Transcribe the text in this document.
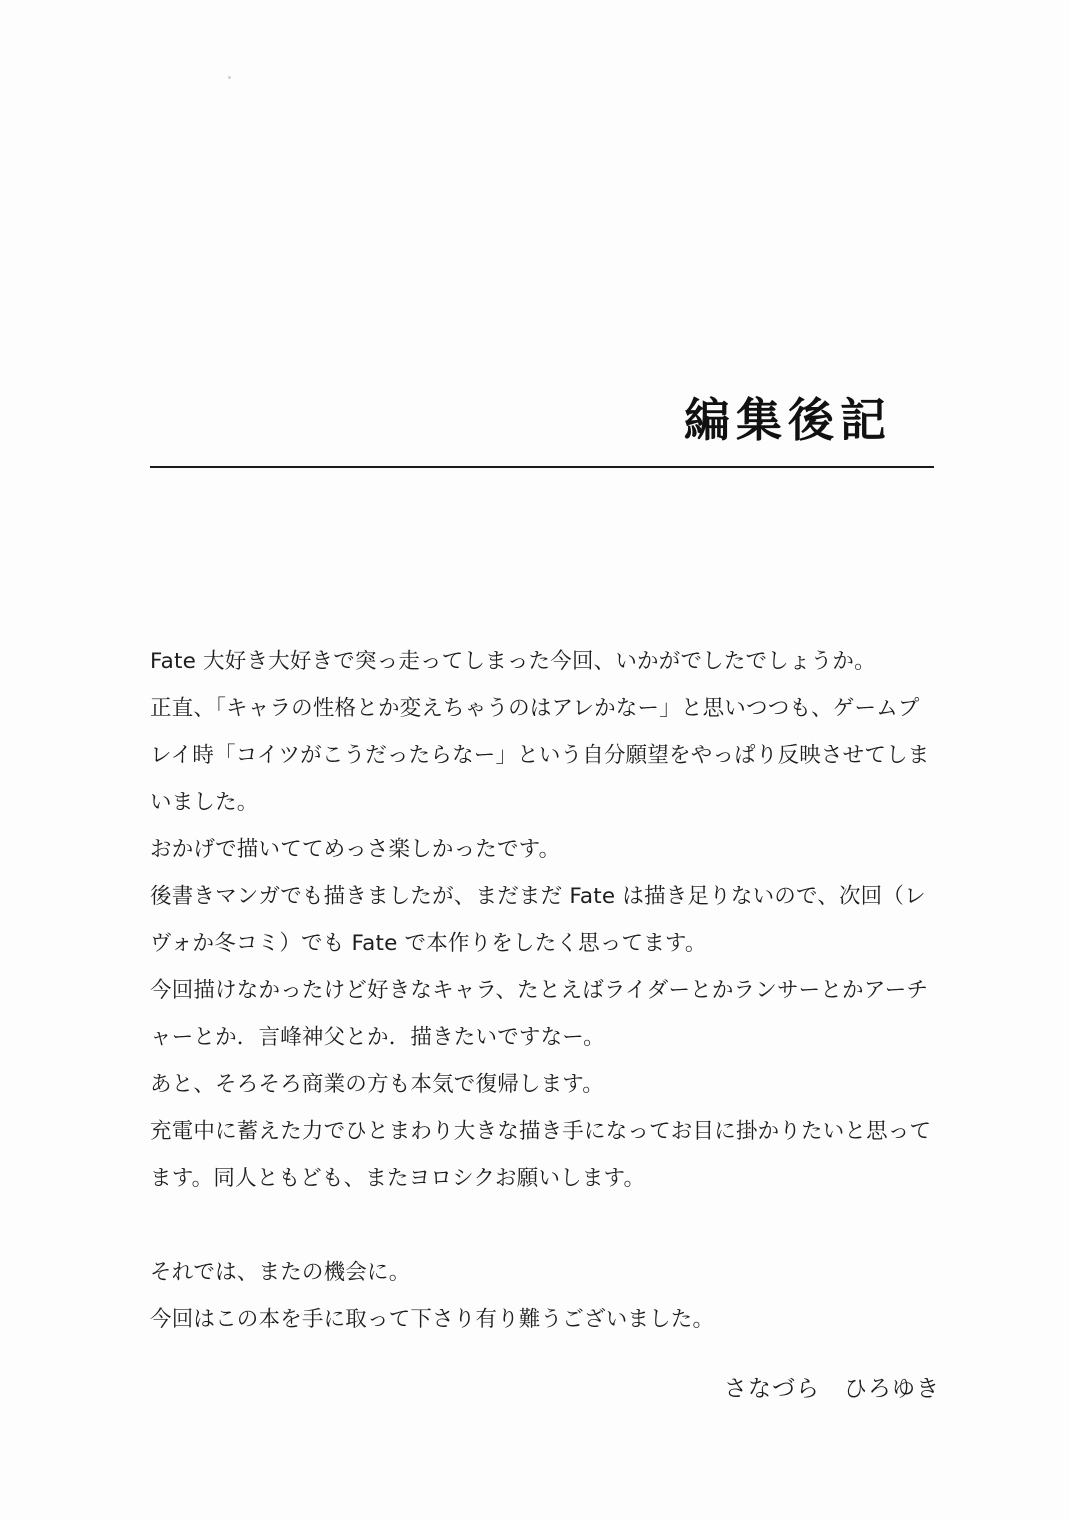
編集後記
Fate 大好き大好きで突っ走ってしまった今回、いかがでしたでしょうか。
正直、「キャラの性格とか変えちゃうのはアレかなー」と思いつつも、ゲームプレイ時「コイツがこうだったらなー」という自分願望をやっぱり反映させてしまいました。
おかげで描いててめっさ楽しかったです。
後書きマンガでも描きましたが、まだまだ Fate は描き足りないので、次回（レヴォか冬コミ）でも Fate で本作りをしたく思ってます。
今回描けなかったけど好きなキャラ、たとえばライダーとかランサーとかアーチャーとか．言峰神父とか．描きたいですなー。
あと、そろそろ商業の方も本気で復帰します。
充電中に蓄えた力でひとまわり大きな描き手になってお目に掛かりたいと思ってます。同人ともども、またヨロシクお願いします。
それでは、またの機会に。
今回はこの本を手に取って下さり有り難うございました。
さなづら　ひろゆき
